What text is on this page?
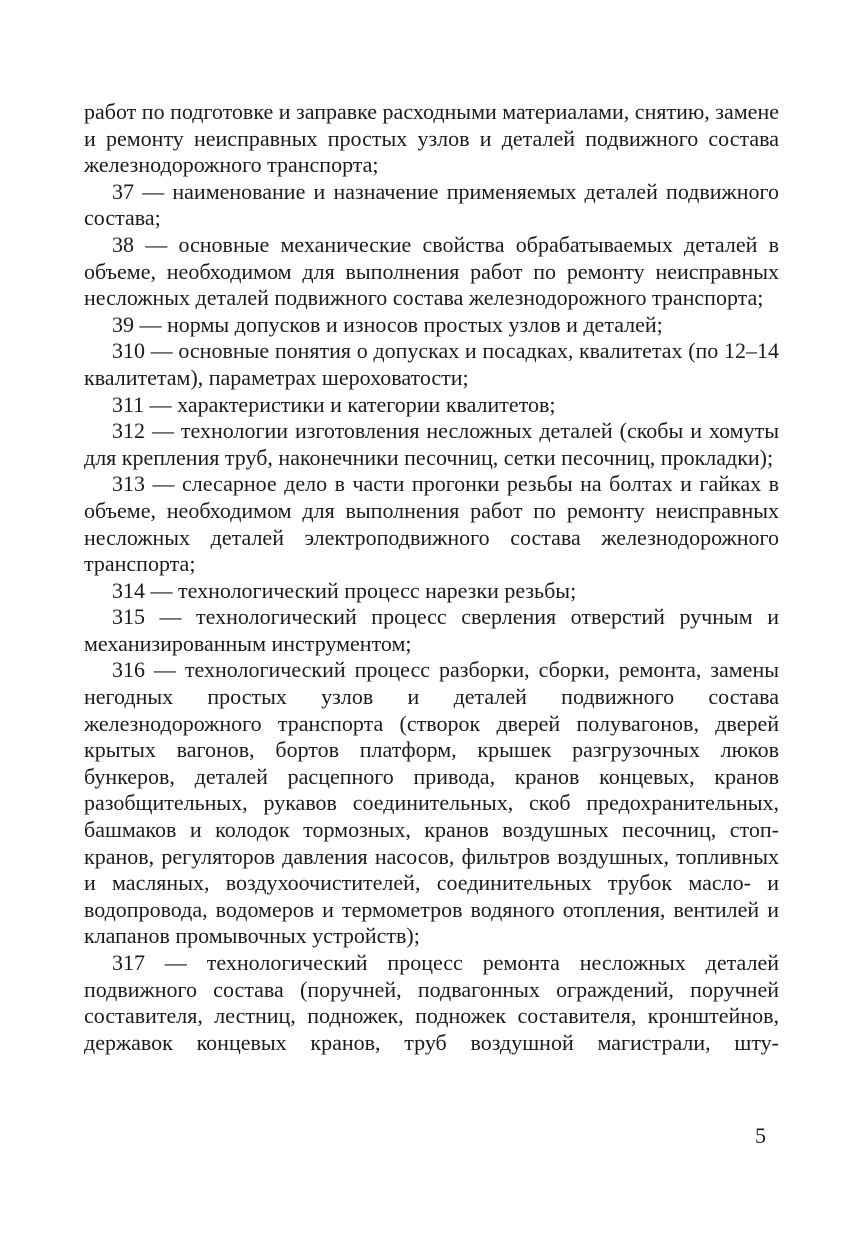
работ по подготовке и заправке расходными материалами, снятию, замене и ремонту неисправных простых узлов и деталей подвижного состава железнодорожного транспорта;

37 — наименование и назначение применяемых деталей подвижного состава;

38 — основные механические свойства обрабатываемых деталей в объеме, необходимом для выполнения работ по ремонту неисправных несложных деталей подвижного состава железнодорожного транспорта;

39 — нормы допусков и износов простых узлов и деталей;

310 — основные понятия о допусках и посадках, квалитетах (по 12–14 квалитетам), параметрах шероховатости;

311 — характеристики и категории квалитетов;

312 — технологии изготовления несложных деталей (скобы и хомуты для крепления труб, наконечники песочниц, сетки песочниц, прокладки);

313 — слесарное дело в части прогонки резьбы на болтах и гайках в объеме, необходимом для выполнения работ по ремонту неисправных несложных деталей электроподвижного состава железнодорожного транспорта;

314 — технологический процесс нарезки резьбы;

315 — технологический процесс сверления отверстий ручным и механизированным инструментом;

316 — технологический процесс разборки, сборки, ремонта, замены негодных простых узлов и деталей подвижного состава железнодорожного транспорта (створок дверей полувагонов, дверей крытых вагонов, бортов платформ, крышек разгрузочных люков бункеров, деталей расцепного привода, кранов концевых, кранов разобщительных, рукавов соединительных, скоб предохранительных, башмаков и колодок тормозных, кранов воздушных песочниц, стоп-кранов, регуляторов давления насосов, фильтров воздушных, топливных и масляных, воздухоочистителей, соединительных трубок масло- и водопровода, водомеров и термометров водяного отопления, вентилей и клапанов промывочных устройств);

317 — технологический процесс ремонта несложных деталей подвижного состава (поручней, подвагонных ограждений, поручней составителя, лестниц, подножек, подножек составителя, кронштейнов, державок концевых кранов, труб воздушной магистрали, шту-

5
